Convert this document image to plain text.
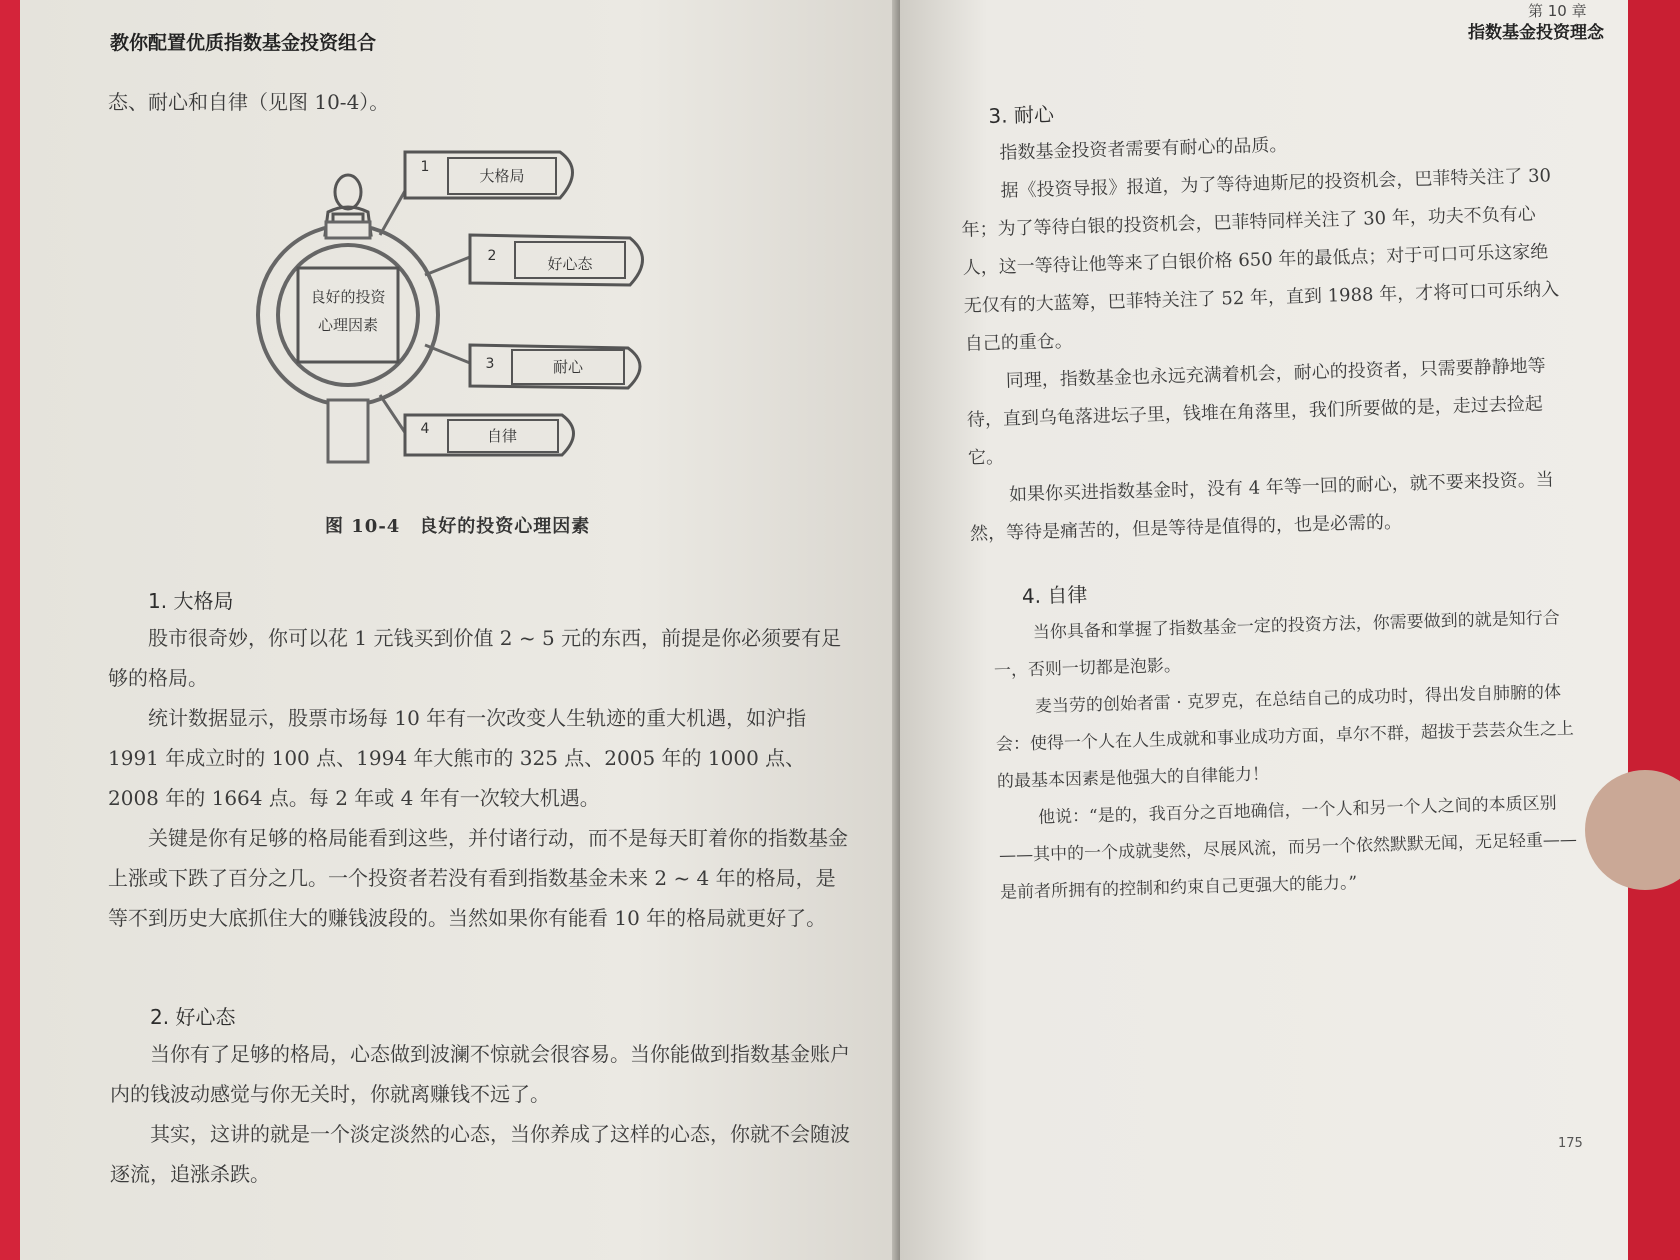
教你配置优质指数基金投资组合

态、耐心和自律（见图 10-4）。

良好的投资
心理因素
1	大格局
2	好心态
3	耐心
4	自律
图 10-4　良好的投资心理因素
1. 大格局

股市很奇妙，你可以花 1 元钱买到价值 2 ~ 5 元的东西，前提是你必须要有足够的格局。

统计数据显示，股票市场每 10 年有一次改变人生轨迹的重大机遇，如沪指 1991 年成立时的 100 点、1994 年大熊市的 325 点、2005 年的 1000 点、2008 年的 1664 点。每 2 年或 4 年有一次较大机遇。

关键是你有足够的格局能看到这些，并付诸行动，而不是每天盯着你的指数基金上涨或下跌了百分之几。一个投资者若没有看到指数基金未来 2 ~ 4 年的格局，是等不到历史大底抓住大的赚钱波段的。当然如果你有能看 10 年的格局就更好了。

2. 好心态

当你有了足够的格局，心态做到波澜不惊就会很容易。当你能做到指数基金账户内的钱波动感觉与你无关时，你就离赚钱不远了。

其实，这讲的就是一个淡定淡然的心态，当你养成了这样的心态，你就不会随波逐流，追涨杀跌。

第 10 章
指数基金投资理念
3. 耐心

指数基金投资者需要有耐心的品质。

据《投资导报》报道，为了等待迪斯尼的投资机会，巴菲特关注了 30 年；为了等待白银的投资机会，巴菲特同样关注了 30 年，功夫不负有心人，这一等待让他等来了白银价格 650 年的最低点；对于可口可乐这家绝无仅有的大蓝筹，巴菲特关注了 52 年，直到 1988 年，才将可口可乐纳入自己的重仓。

同理，指数基金也永远充满着机会，耐心的投资者，只需要静静地等待，直到乌龟落进坛子里，钱堆在角落里，我们所要做的是，走过去捡起它。

如果你买进指数基金时，没有 4 年等一回的耐心，就不要来投资。当然，等待是痛苦的，但是等待是值得的，也是必需的。

4. 自律

当你具备和掌握了指数基金一定的投资方法，你需要做到的就是知行合一，否则一切都是泡影。

麦当劳的创始者雷 · 克罗克，在总结自己的成功时，得出发自肺腑的体会：使得一个人在人生成就和事业成功方面，卓尔不群，超拔于芸芸众生之上的最基本因素是他强大的自律能力！

他说：“是的，我百分之百地确信，一个人和另一个人之间的本质区别——其中的一个成就斐然，尽展风流，而另一个依然默默无闻，无足轻重——是前者所拥有的控制和约束自己更强大的能力。”

175
